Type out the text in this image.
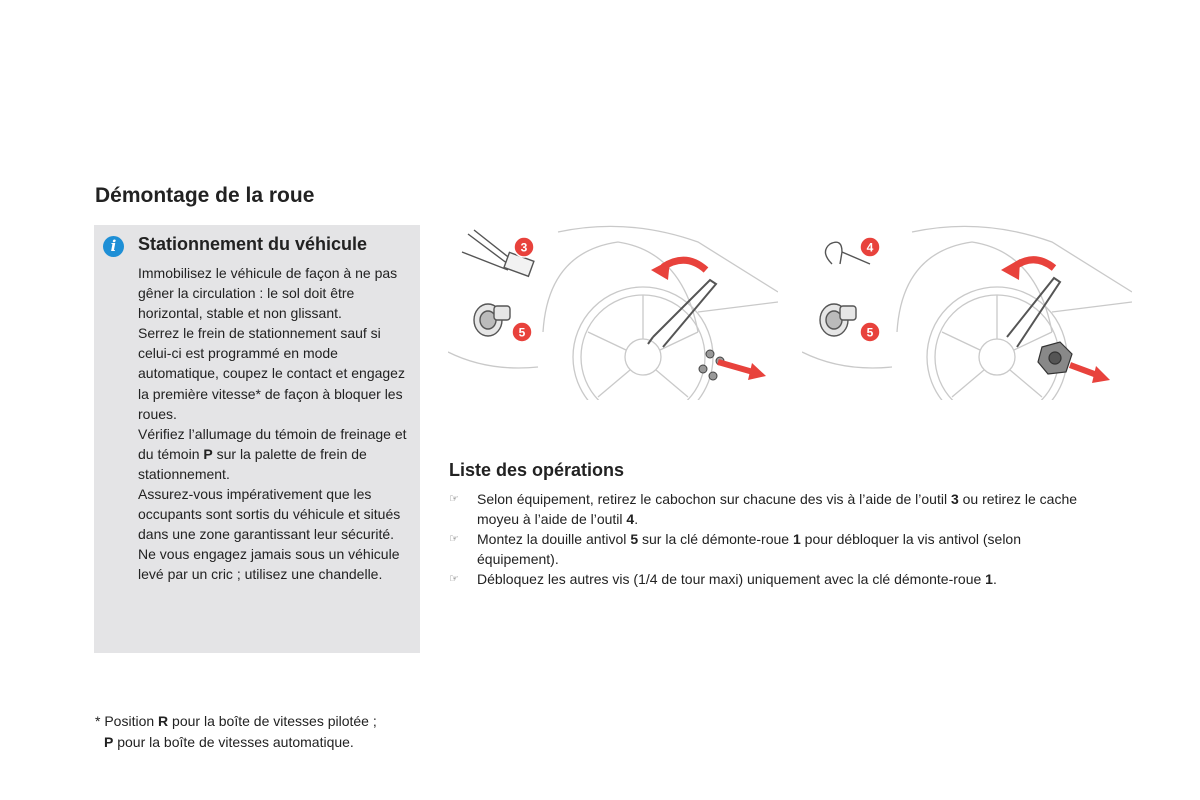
Démontage de la roue
i	Stationnement du véhicule

Immobilisez le véhicule de façon à ne pas gêner la circulation : le sol doit être horizontal, stable et non glissant.

Serrez le frein de stationnement sauf si celui-ci est programmé en mode automatique, coupez le contact et engagez la première vitesse* de façon à bloquer les roues.

Vérifiez l’allumage du témoin de freinage et du témoin P sur la palette de frein de stationnement.

Assurez-vous impérativement que les occupants sont sortis du véhicule et situés dans une zone garantissant leur sécurité.

Ne vous engagez jamais sous un véhicule levé par un cric ; utilisez une chandelle.

3
5
4
5
Liste des opérations
☞ Selon équipement, retirez le cabochon sur chacune des vis à l’aide de l’outil 3 ou retirez le cache moyeu à l’aide de l’outil 4.
☞ Montez la douille antivol 5 sur la clé démonte-roue 1 pour débloquer la vis antivol (selon équipement).
☞ Débloquez les autres vis (1/4 de tour maxi) uniquement avec la clé démonte-roue 1.

* Position R pour la boîte de vitesses pilotée ;

P pour la boîte de vitesses automatique.
